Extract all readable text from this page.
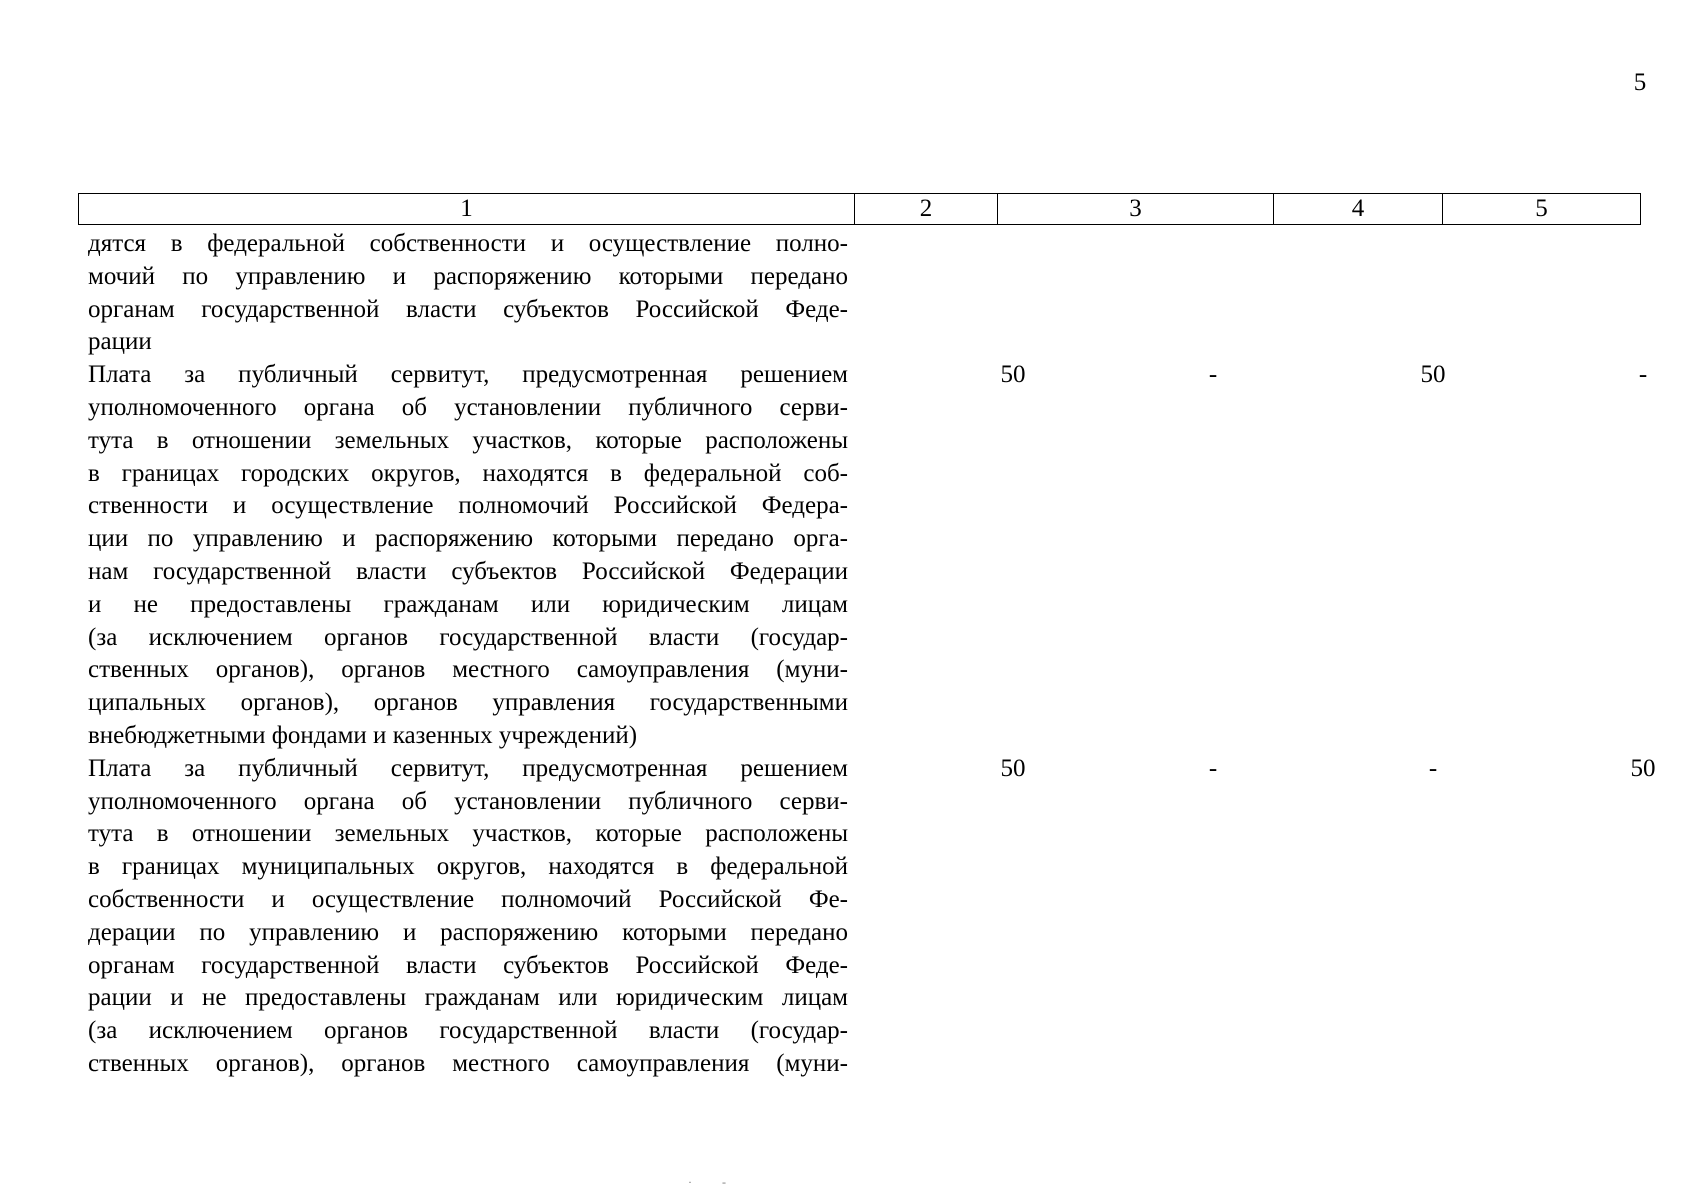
5
1	2	3	4	5
дятся в федеральной собственности и осуществление полно-
мочий по управлению и распоряжению которыми передано
органам государственной власти субъектов Российской Феде-
рации
Плата за публичный сервитут, предусмотренная решением
уполномоченного органа об установлении публичного серви-
тута в отношении земельных участков, которые расположены
в границах городских округов, находятся в федеральной соб-
ственности и осуществление полномочий Российской Федера-
ции по управлению и распоряжению которыми передано орга-
нам государственной власти субъектов Российской Федерации
и не предоставлены гражданам или юридическим лицам
(за исключением органов государственной власти (государ-
ственных органов), органов местного самоуправления (муни-
ципальных органов), органов управления государственными
внебюджетными фондами и казенных учреждений)
50	-	50	-
Плата за публичный сервитут, предусмотренная решением
уполномоченного органа об установлении публичного серви-
тута в отношении земельных участков, которые расположены
в границах муниципальных округов, находятся в федеральной
собственности и осуществление полномочий Российской Фе-
дерации по управлению и распоряжению которыми передано
органам государственной власти субъектов Российской Феде-
рации и не предоставлены гражданам или юридическим лицам
(за исключением органов государственной власти (государ-
ственных органов), органов местного самоуправления (муни-
50	-	-	50
·          -
